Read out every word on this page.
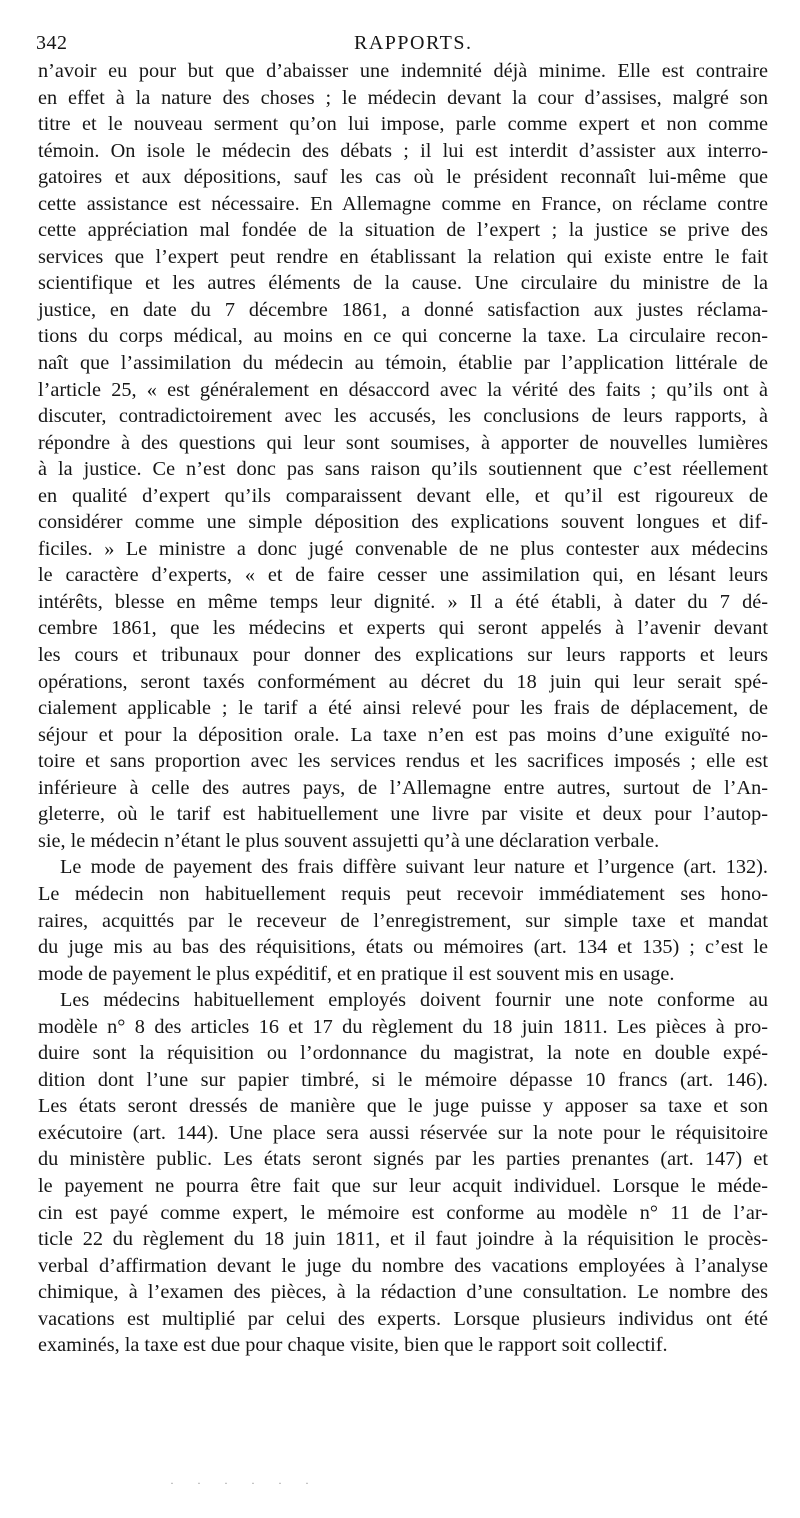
342	RAPPORTS.
n’avoir eu pour but que d’abaisser une indemnité déjà minime. Elle est contraire
en effet à la nature des choses ; le médecin devant la cour d’assises, malgré son
titre et le nouveau serment qu’on lui impose, parle comme expert et non comme
témoin. On isole le médecin des débats ; il lui est interdit d’assister aux interro-
gatoires et aux dépositions, sauf les cas où le président reconnaît lui-même que
cette assistance est nécessaire. En Allemagne comme en France, on réclame contre
cette appréciation mal fondée de la situation de l’expert ; la justice se prive des
services que l’expert peut rendre en établissant la relation qui existe entre le fait
scientifique et les autres éléments de la cause. Une circulaire du ministre de la
justice, en date du 7 décembre 1861, a donné satisfaction aux justes réclama-
tions du corps médical, au moins en ce qui concerne la taxe. La circulaire recon-
naît que l’assimilation du médecin au témoin, établie par l’application littérale de
l’article 25, « est généralement en désaccord avec la vérité des faits ; qu’ils ont à
discuter, contradictoirement avec les accusés, les conclusions de leurs rapports, à
répondre à des questions qui leur sont soumises, à apporter de nouvelles lumières
à la justice. Ce n’est donc pas sans raison qu’ils soutiennent que c’est réellement
en qualité d’expert qu’ils comparaissent devant elle, et qu’il est rigoureux de
considérer comme une simple déposition des explications souvent longues et dif-
ficiles. » Le ministre a donc jugé convenable de ne plus contester aux médecins
le caractère d’experts, « et de faire cesser une assimilation qui, en lésant leurs
intérêts, blesse en même temps leur dignité. » Il a été établi, à dater du 7 dé-
cembre 1861, que les médecins et experts qui seront appelés à l’avenir devant
les cours et tribunaux pour donner des explications sur leurs rapports et leurs
opérations, seront taxés conformément au décret du 18 juin qui leur serait spé-
cialement applicable ; le tarif a été ainsi relevé pour les frais de déplacement, de
séjour et pour la déposition orale. La taxe n’en est pas moins d’une exiguïté no-
toire et sans proportion avec les services rendus et les sacrifices imposés ; elle est
inférieure à celle des autres pays, de l’Allemagne entre autres, surtout de l’An-
gleterre, où le tarif est habituellement une livre par visite et deux pour l’autop-
sie, le médecin n’étant le plus souvent assujetti qu’à une déclaration verbale.
Le mode de payement des frais diffère suivant leur nature et l’urgence (art. 132).
Le médecin non habituellement requis peut recevoir immédiatement ses hono-
raires, acquittés par le receveur de l’enregistrement, sur simple taxe et mandat
du juge mis au bas des réquisitions, états ou mémoires (art. 134 et 135) ; c’est le
mode de payement le plus expéditif, et en pratique il est souvent mis en usage.
Les médecins habituellement employés doivent fournir une note conforme au
modèle n° 8 des articles 16 et 17 du règlement du 18 juin 1811. Les pièces à pro-
duire sont la réquisition ou l’ordonnance du magistrat, la note en double expé-
dition dont l’une sur papier timbré, si le mémoire dépasse 10 francs (art. 146).
Les états seront dressés de manière que le juge puisse y apposer sa taxe et son
exécutoire (art. 144). Une place sera aussi réservée sur la note pour le réquisitoire
du ministère public. Les états seront signés par les parties prenantes (art. 147) et
le payement ne pourra être fait que sur leur acquit individuel. Lorsque le méde-
cin est payé comme expert, le mémoire est conforme au modèle n° 11 de l’ar-
ticle 22 du règlement du 18 juin 1811, et il faut joindre à la réquisition le procès-
verbal d’affirmation devant le juge du nombre des vacations employées à l’analyse
chimique, à l’examen des pièces, à la rédaction d’une consultation. Le nombre des
vacations est multiplié par celui des experts. Lorsque plusieurs individus ont été
examinés, la taxe est due pour chaque visite, bien que le rapport soit collectif.
· · · · · ·
